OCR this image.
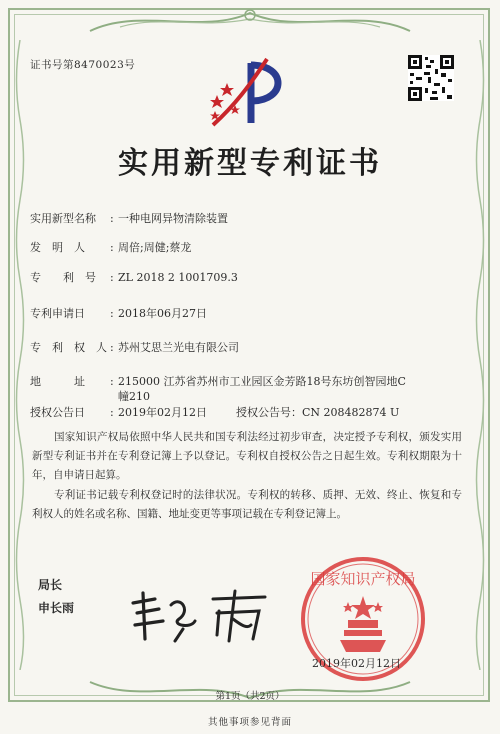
证书号第8470023号
实用新型专利证书
实用新型名称 : 一种电网异物清除装置
发　明　人 : 周倍;周健;蔡龙
专　　利　号 : ZL 2018 2 1001709.3
专利申请日 : 2018年06月27日
专　利　权　人 : 苏州艾思兰光电有限公司
地　　　址 : 215000 江苏省苏州市工业园区金芳路18号东坊创智园地C
幢210
授权公告日 : 2019年02月12日	授权公告号：CN 208482874 U
国家知识产权局依照中华人民共和国专利法经过初步审查，决定授予专利权，颁发实用新型专利证书并在专利登记簿上予以登记。专利权自授权公告之日起生效。专利权期限为十年，自申请日起算。
专利证书记载专利权登记时的法律状况。专利权的转移、质押、无效、终止、恢复和专利权人的姓名或名称、国籍、地址变更等事项记载在专利登记簿上。
局长
申长雨
国家知识产权局
2019年02月12日
第1页（共2页）
其他事项参见背面
